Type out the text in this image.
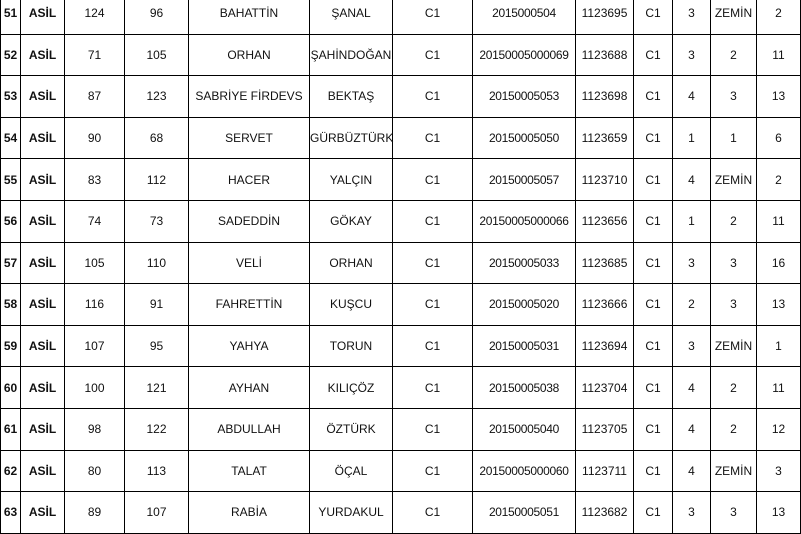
51	ASİL	124	96	BAHATTİN	ŞANAL	C1	2015000504	1123695	C1	3	ZEMİN	2
52	ASİL	71	105	ORHAN	ŞAHİNDOĞAN	C1	20150005000069	1123688	C1	3	2	11
53	ASİL	87	123	SABRİYE FİRDEVS	BEKTAŞ	C1	20150005053	1123698	C1	4	3	13
54	ASİL	90	68	SERVET	GÜRBÜZTÜRK	C1	20150005050	1123659	C1	1	1	6
55	ASİL	83	112	HACER	YALÇIN	C1	20150005057	1123710	C1	4	ZEMİN	2
56	ASİL	74	73	SADEDDİN	GÖKAY	C1	20150005000066	1123656	C1	1	2	11
57	ASİL	105	110	VELİ	ORHAN	C1	20150005033	1123685	C1	3	3	16
58	ASİL	116	91	FAHRETTİN	KUŞCU	C1	20150005020	1123666	C1	2	3	13
59	ASİL	107	95	YAHYA	TORUN	C1	20150005031	1123694	C1	3	ZEMİN	1
60	ASİL	100	121	AYHAN	KILIÇÖZ	C1	20150005038	1123704	C1	4	2	11
61	ASİL	98	122	ABDULLAH	ÖZTÜRK	C1	20150005040	1123705	C1	4	2	12
62	ASİL	80	113	TALAT	ÖÇAL	C1	20150005000060	1123711	C1	4	ZEMİN	3
63	ASİL	89	107	RABİA	YURDAKUL	C1	20150005051	1123682	C1	3	3	13
